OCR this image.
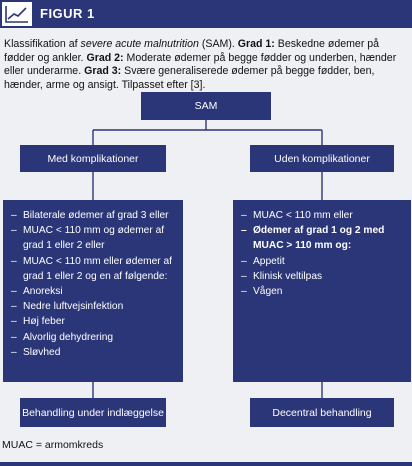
FIGUR 1
Klassifikation af severe acute malnutrition (SAM). Grad 1: Beskedne ødemer på fødder og ankler. Grad 2: Moderate ødemer på begge fødder og underben, hænder eller underarme. Grad 3: Svære generaliserede ødemer på begge fødder, ben, hænder, arme og ansigt. Tilpasset efter [3].
SAM
Med komplikationer	Uden komplikationer
– Bilaterale ødemer af grad 3 eller
– MUAC < 110 mm og ødemer af grad 1 eller 2 eller
– MUAC < 110 mm eller ødemer af grad 1 eller 2 og en af følgende:
– Anoreksi
– Nedre luftvejsinfektion
– Høj feber
– Alvorlig dehydrering
– Sløvhed
– MUAC < 110 mm eller
– Ødemer af grad 1 og 2 med MUAC > 110 mm og:
– Appetit
– Klinisk veltilpas
– Vågen
Behandling under indlæggelse	Decentral behandling
MUAC = armomkreds
